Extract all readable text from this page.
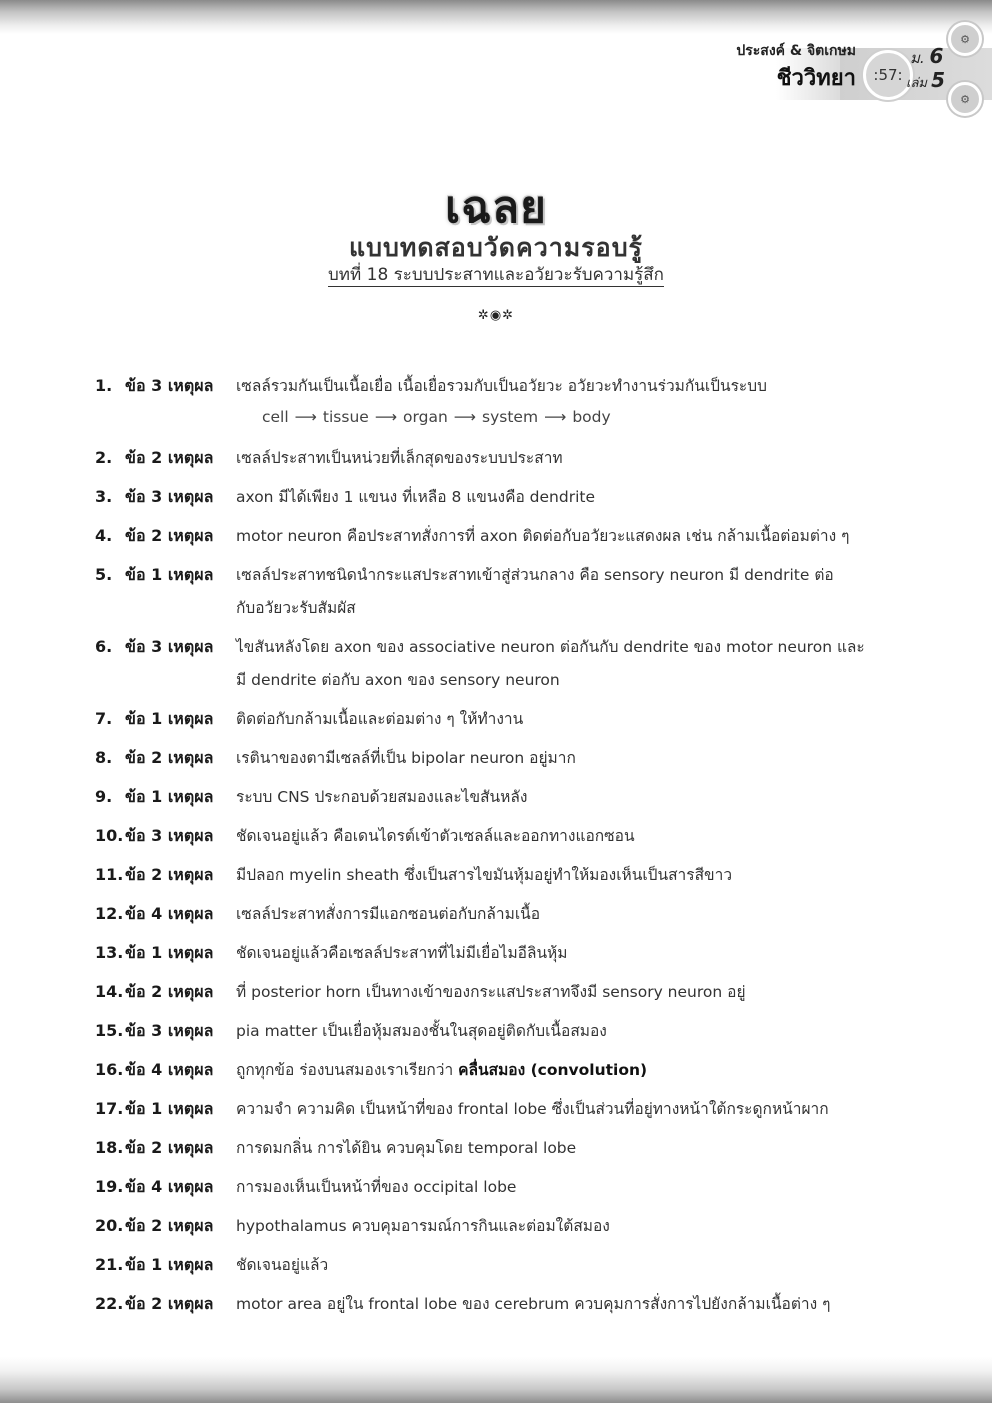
ประสงค์ & จิตเกษม
ชีววิทยา :57:
ม. 6
เล่ม 5
⚙
⚙
เฉลย
แบบทดสอบวัดความรอบรู้
บทที่ 18 ระบบประสาทและอวัยวะรับความรู้สึก
✲◉✲
1. ข้อ 3 เหตุผล เซลล์รวมกันเป็นเนื้อเยื่อ เนื้อเยื่อรวมกับเป็นอวัยวะ อวัยวะทำงานร่วมกันเป็นระบบ
2. ข้อ 2 เหตุผล เซลล์ประสาทเป็นหน่วยที่เล็กสุดของระบบประสาท
3. ข้อ 3 เหตุผล axon มีได้เพียง 1 แขนง ที่เหลือ 8 แขนงคือ dendrite
4. ข้อ 2 เหตุผล motor neuron คือประสาทสั่งการที่ axon ติดต่อกับอวัยวะแสดงผล เช่น กล้ามเนื้อต่อมต่าง ๆ
5. ข้อ 1 เหตุผล เซลล์ประสาทชนิดนำกระแสประสาทเข้าสู่ส่วนกลาง คือ sensory neuron มี dendrite ต่อ
กับอวัยวะรับสัมผัส
6. ข้อ 3 เหตุผล ไขสันหลังโดย axon ของ associative neuron ต่อกันกับ dendrite ของ motor neuron และ
มี dendrite ต่อกับ axon ของ sensory neuron
7. ข้อ 1 เหตุผล ติดต่อกับกล้ามเนื้อและต่อมต่าง ๆ ให้ทำงาน
8. ข้อ 2 เหตุผล เรตินาของตามีเซลล์ที่เป็น bipolar neuron อยู่มาก
9. ข้อ 1 เหตุผล ระบบ CNS ประกอบด้วยสมองและไขสันหลัง
10. ข้อ 3 เหตุผล ชัดเจนอยู่แล้ว คือเดนไดรต์เข้าตัวเซลล์และออกทางแอกซอน
11. ข้อ 2 เหตุผล มีปลอก myelin sheath ซึ่งเป็นสารไขมันหุ้มอยู่ทำให้มองเห็นเป็นสารสีขาว
12. ข้อ 4 เหตุผล เซลล์ประสาทสั่งการมีแอกซอนต่อกับกล้ามเนื้อ
13. ข้อ 1 เหตุผล ชัดเจนอยู่แล้วคือเซลล์ประสาทที่ไม่มีเยื่อไมอีลินหุ้ม
14. ข้อ 2 เหตุผล ที่ posterior horn เป็นทางเข้าของกระแสประสาทจึงมี sensory neuron อยู่
15. ข้อ 3 เหตุผล pia matter เป็นเยื่อหุ้มสมองชั้นในสุดอยู่ติดกับเนื้อสมอง
16. ข้อ 4 เหตุผล ถูกทุกข้อ ร่องบนสมองเราเรียกว่า คลื่นสมอง (convolution)
17. ข้อ 1 เหตุผล ความจำ ความคิด เป็นหน้าที่ของ frontal lobe ซึ่งเป็นส่วนที่อยู่ทางหน้าใต้กระดูกหน้าผาก
18. ข้อ 2 เหตุผล การดมกลิ่น การได้ยิน ควบคุมโดย temporal lobe
19. ข้อ 4 เหตุผล การมองเห็นเป็นหน้าที่ของ occipital lobe
20. ข้อ 2 เหตุผล hypothalamus ควบคุมอารมณ์การกินและต่อมใต้สมอง
21. ข้อ 1 เหตุผล ชัดเจนอยู่แล้ว
22. ข้อ 2 เหตุผล motor area อยู่ใน frontal lobe ของ cerebrum ควบคุมการสั่งการไปยังกล้ามเนื้อต่าง ๆ
cell ⟶ tissue ⟶ organ ⟶ system ⟶ body
